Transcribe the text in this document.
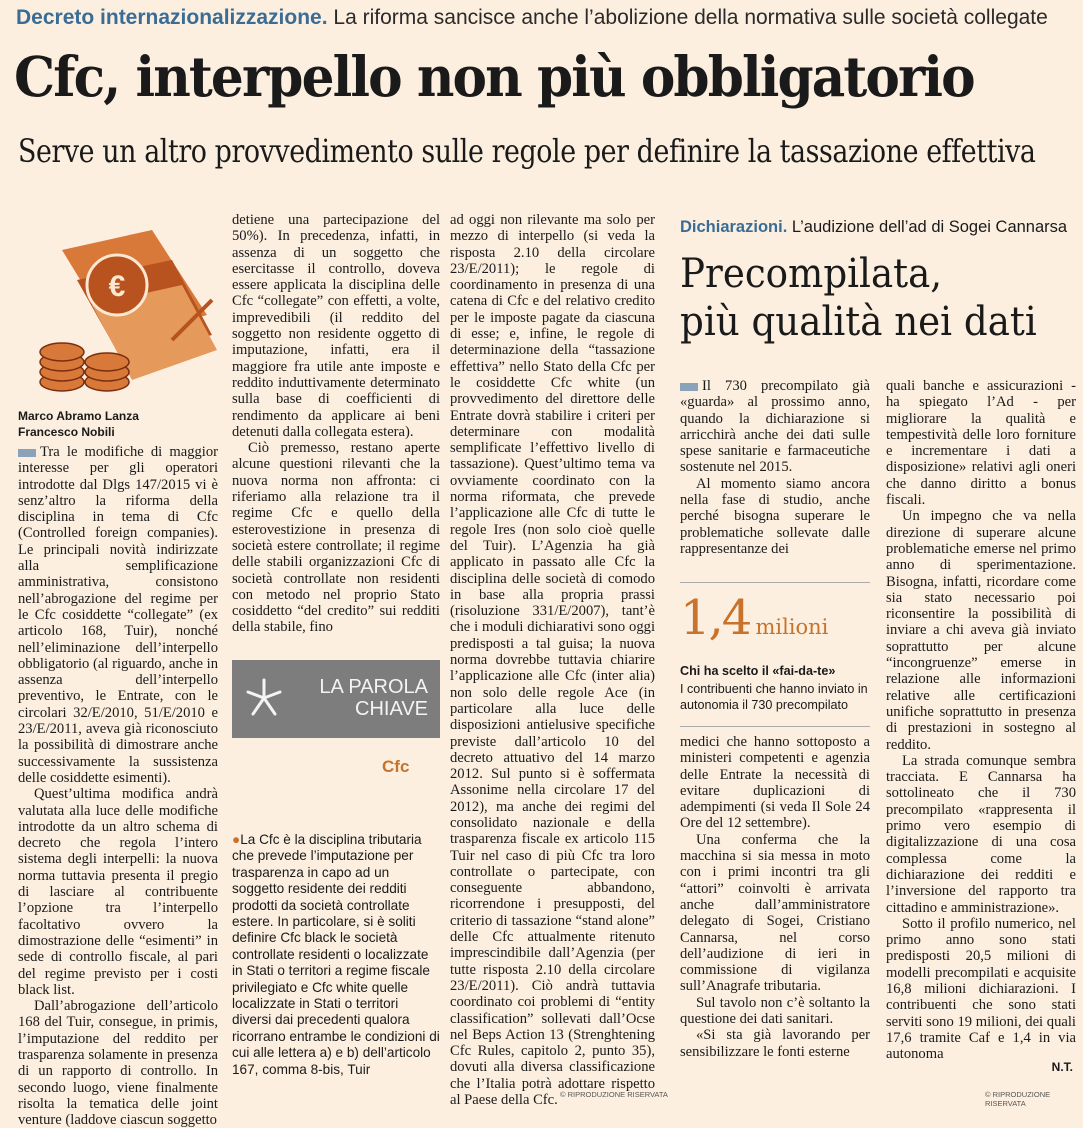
Decreto internazionalizzazione. La riforma sancisce anche l’abolizione della normativa sulle società collegate
Cfc, interpello non più obbligatorio
Serve un altro provvedimento sulle regole per definire la tassazione effettiva
€
Marco Abramo Lanza
Francesco Nobili

Tra le modifiche di maggior interesse per gli operatori introdotte dal Dlgs 147/2015 vi è senz’altro la riforma della disciplina in tema di Cfc (Controlled foreign companies). Le principali novità indirizzate alla semplificazione amministrativa, consistono nell’abrogazione del regime per le Cfc cosiddette “collegate” (ex articolo 168, Tuir), nonché nell’eliminazione dell’interpello obbligatorio (al riguardo, anche in assenza dell’interpello preventivo, le Entrate, con le circolari 32/E/2010, 51/E/2010 e 23/E/2011, aveva già riconosciuto la possibilità di dimostrare anche successivamente la sussistenza delle cosiddette esimenti).

Quest’ultima modifica andrà valutata alla luce delle modifiche introdotte da un altro schema di decreto che regola l’intero sistema degli interpelli: la nuova norma tuttavia presenta il pregio di lasciare al contribuente l’opzione tra l’interpello facoltativo ovvero la dimostrazione delle “esimenti” in sede di controllo fiscale, al pari del regime previsto per i costi black list.

Dall’abrogazione dell’articolo 168 del Tuir, consegue, in primis, l’imputazione del reddito per trasparenza solamente in presenza di un rapporto di controllo. In secondo luogo, viene finalmente risolta la tematica delle joint venture (laddove ciascun soggetto

detiene una partecipazione del 50%). In precedenza, infatti, in assenza di un soggetto che esercitasse il controllo, doveva essere applicata la disciplina delle Cfc “collegate” con effetti, a volte, imprevedibili (il reddito del soggetto non residente oggetto di imputazione, infatti, era il maggiore fra utile ante imposte e reddito induttivamente determinato sulla base di coefficienti di rendimento da applicare ai beni detenuti dalla collegata estera).

Ciò premesso, restano aperte alcune questioni rilevanti che la nuova norma non affronta: ci riferiamo alla relazione tra il regime Cfc e quello della esterovestizione in presenza di società estere controllate; il regime delle stabili organizzazioni Cfc di società controllate non residenti con metodo nel proprio Stato cosiddetto “del credito” sui redditi della stabile, fino

LA PAROLA
CHIAVE
Cfc
●La Cfc è la disciplina tributaria che prevede l’imputazione per trasparenza in capo ad un soggetto residente dei redditi prodotti da società controllate estere. In particolare, si è soliti definire Cfc black le società controllate residenti o localizzate in Stati o territori a regime fiscale privilegiato e Cfc white quelle localizzate in Stati o territori diversi dai precedenti qualora ricorrano entrambe le condizioni di cui alle lettera a) e b) dell’articolo 167, comma 8-bis, Tuir

ad oggi non rilevante ma solo per mezzo di interpello (si veda la risposta 2.10 della circolare 23/E/2011); le regole di coordinamento in presenza di una catena di Cfc e del relativo credito per le imposte pagate da ciascuna di esse; e, infine, le regole di determinazione della “tassazione effettiva” nello Stato della Cfc per le cosiddette Cfc white (un provvedimento del direttore delle Entrate dovrà stabilire i criteri per determinare con modalità semplificate l’effettivo livello di tassazione). Quest’ultimo tema va ovviamente coordinato con la norma riformata, che prevede l’applicazione alle Cfc di tutte le regole Ires (non solo cioè quelle del Tuir). L’Agenzia ha già applicato in passato alle Cfc la disciplina delle società di comodo in base alla propria prassi (risoluzione 331/E/2007), tant’è che i moduli dichiarativi sono oggi predisposti a tal guisa; la nuova norma dovrebbe tuttavia chiarire l’applicazione alle Cfc (inter alia) non solo delle regole Ace (in particolare alla luce delle disposizioni antielusive specifiche previste dall’articolo 10 del decreto attuativo del 14 marzo 2012. Sul punto si è soffermata Assonime nella circolare 17 del 2012), ma anche dei regimi del consolidato nazionale e della trasparenza fiscale ex articolo 115 Tuir nel caso di più Cfc tra loro controllate o partecipate, con conseguente abbandono, ricorrendone i presupposti, del criterio di tassazione “stand alone” delle Cfc attualmente ritenuto imprescindibile dall’Agenzia (per tutte risposta 2.10 della circolare 23/E/2011). Ciò andrà tuttavia coordinato coi problemi di “entity classification” sollevati dall’Ocse nel Beps Action 13 (Strenghtening Cfc Rules, capitolo 2, punto 35), dovuti alla diversa classificazione che l’Italia potrà adottare rispetto al Paese della Cfc. © RIPRODUZIONE RISERVATA
Dichiarazioni. L’audizione dell’ad di Sogei Cannarsa
Precompilata,
più qualità nei dati

Il 730 precompilato già «guarda» al prossimo anno, quando la dichiarazione si arricchirà anche dei dati sulle spese sanitarie e farmaceutiche sostenute nel 2015.

Al momento siamo ancora nella fase di studio, anche perché bisogna superare le problematiche sollevate dalle rappresentanze dei

1,4 milioni
Chi ha scelto il «fai-da-te»
I contribuenti che hanno inviato in autonomia il 730 precompilato

medici che hanno sottoposto a ministeri competenti e agenzia delle Entrate la necessità di evitare duplicazioni di adempimenti (si veda Il Sole 24 Ore del 12 settembre).

Una conferma che la macchina si sia messa in moto con i primi incontri tra gli “attori” coinvolti è arrivata anche dall’amministratore delegato di Sogei, Cristiano Cannarsa, nel corso dell’audizione di ieri in commissione di vigilanza sull’Anagrafe tributaria.

Sul tavolo non c’è soltanto la questione dei dati sanitari.

«Si sta già lavorando per sensibilizzare le fonti esterne

quali banche e assicurazioni - ha spiegato l’Ad - per migliorare la qualità e tempestività delle loro forniture e incrementare i dati a disposizione» relativi agli oneri che danno diritto a bonus fiscali.

Un impegno che va nella direzione di superare alcune problematiche emerse nel primo anno di sperimentazione. Bisogna, infatti, ricordare come sia stato necessario poi riconsentire la possibilità di inviare a chi aveva già inviato soprattutto per alcune “incongruenze” emerse in relazione alle informazioni relative alle certificazioni unifiche soprattutto in presenza di prestazioni in sostegno al reddito.

La strada comunque sembra tracciata. E Cannarsa ha sottolineato che il 730 precompilato «rappresenta il primo vero esempio di digitalizzazione di una cosa complessa come la dichiarazione dei redditi e l’inversione del rapporto tra cittadino e amministrazione».

Sotto il profilo numerico, nel primo anno sono stati predisposti 20,5 milioni di modelli precompilati e acquisite 16,8 milioni dichiarazioni. I contribuenti che sono stati serviti sono 19 milioni, dei quali 17,6 tramite Caf e 1,4 in via autonoma

N.T.
© RIPRODUZIONE RISERVATA
